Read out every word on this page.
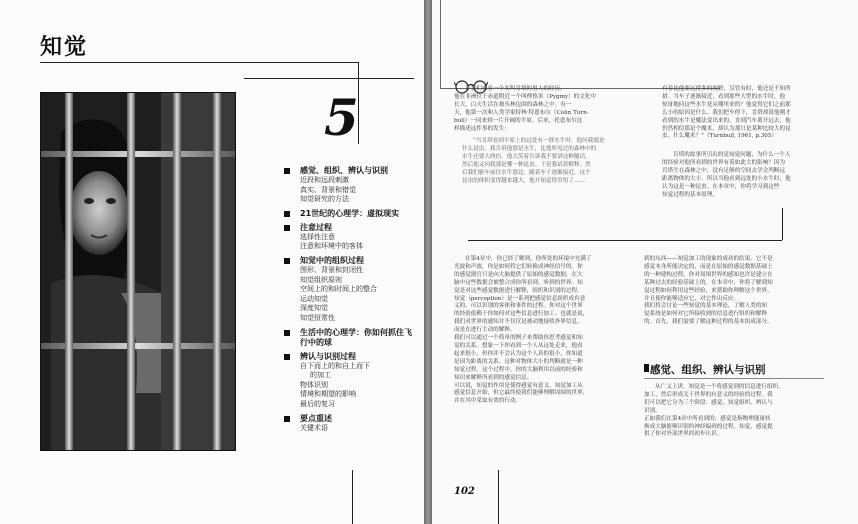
知觉
5
感觉、组织、辨认与识别
近段和远段刺激
真实、背景和错觉
知觉研究的方法
21世纪的心理学：虚拟现实
注意过程
选择性注意
注意和环境中的客体
知觉中的组织过程
图形、背景和封闭性
知觉组织原则
空间上的和时间上的整合
运动知觉
深度知觉
知觉恒常性
生活中的心理学：你如何抓住飞行中的球
辨认与识别过程
自下而上的和自上而下
的加工
物体识别
情境和期望的影响
最后的复习
要点重述
关键术语
让我们来看一个名叫肯塔的男人的经历。
他在非洲位于赤道附近一个叫俾格米（Pygmy）的文化中
长大。白天生活在被丛林包围的森林之中。有一
天，他第一次和人类学家特林·特恩布尔（Colin Turn-
bull）一同来到一片开阔的平原。后来，托恩布尔这
样描述这件事的发生：
“当肯塔看到平原上的远处有一群水牛时，他问我那是
什么昆虫。我告诉他那是水牛，比他所见过的森林中的
水牛还要大两倍。他大笑着告诉我不要讲这种傻话。
然后他又问我那是哪一种昆虫。于是我试着解释，然
后我们驱车前往水牛那边。随着车子逐渐接近，这个
昆虫的体积变得越来越大，他开始觉得害怕了……
有着比他要远得多的视野，尽管有时，他还是不知所
措。当车子逐渐接近，看到那些大型的水牛时，他
惊讶地问这些水牛是从哪里来的？他觉得它们之前那
么小的原因是什么。我们把车停下，肯塔却说他刚才
看到的水牛是魔法变出来的，直到汽车离开远去，他
仍然相信那是个魔术，却认为那只是某种比较大的昆
虫。什么魔术？”（Turnbull, 1961, p.305）
肯塔的故事所引出的是知觉问题，为什么一个人
的经验对他所看到的世界有着如此大的影响？因为
肯塔生在森林之中，没有足够的空间去学会判断远
距离物体的大小，所以当他看到远处的小水牛时，他
认为这是一种昆虫。在本章中，你将学习到这些
知觉过程的基本原理。
在第4章中，你已经了解到，你所处的环境中充满了
光波和声波，你是如何将它们转换成神经信号的。你
的感觉器官只是向大脑提供了原始的感觉数据，在大
脑中这些数据会被整合成你所看到、听到的世界。知
觉是对这些感觉数据进行解释，组织和识别的过程。
知觉（perception）是一系列把感觉信息组织成有意
义的、可以识别的客体和事件的过程。你对这个世界
的经验依赖于你如何对这些信息进行加工。也就是说，
我们对世界的感知并不仅仅是被动地接收外界信息，
而是在进行主动的解释。
我们可以通过一个简单的例子来帮助你思考感觉和知
觉的关系。想象一下你看到一个人从远处走来，他看
起来很小，但你并不会认为这个人真的很小，你知道
是因为距离的关系。这种对物体大小的判断就是一种
知觉过程。这个过程中，你的大脑利用以前的经验和
知识来解释所看到的感觉信息。
可以说，知觉的作用是使得感觉有意义，知觉加工从
感觉信息开始，但它最终使我们能够理解周围的世界，
并在其中采取有效的行动。
到的东西——知觉加工的现象的成功的结果。它不是
感觉本身所能决定的，而是在原始的感觉数据基础上
的一种建构过程。你对周围世界的感知也许是建立在
某种过去的经验基础上的。在本章中，你将了解到知
觉过程如何利用这些经验，来帮助你理解这个世界，
并且使你能够适应它，对它作出反应。
我们将会讨论一些知觉的基本理论，了解人类的知
觉系统是如何对它所接收到的信息进行组织和解释
的。首先，我们需要了解这种过程的基本组成部分。
感觉、组织、辨认与识别
从广义上讲，知觉是一个将感觉到的信息进行组织、
加工，然后形成关于世界的有意义的经验的过程。我
们可以把它分为三个阶段：感觉、知觉组织、辨认与
识别。
正如我们在第4章中所看到的，感觉是指物理能量转
换成大脑能够识别的神经编码的过程。知觉，感觉提
供了你对外部世界的初步认识。
102
